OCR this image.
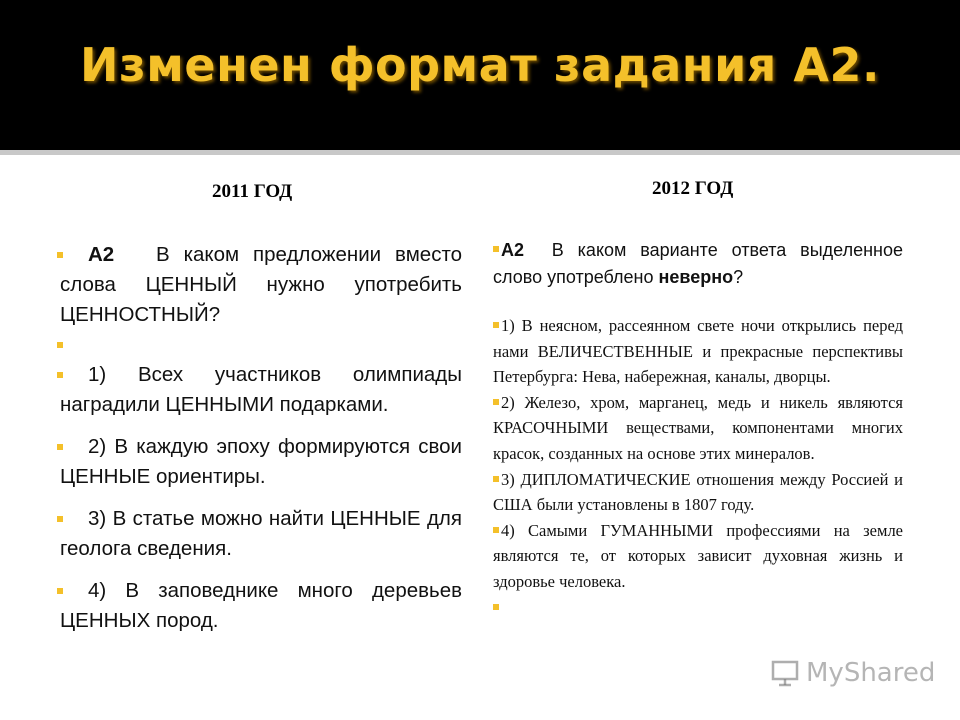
Изменен формат задания А2.
2011 ГОД	2012 ГОД
А2 В каком предложении вместо слова ЦЕННЫЙ нужно употребить ЦЕННОСТНЫЙ?
1) Всех участников олимпиады наградили ЦЕННЫМИ подарками.
2) В каждую эпоху формируются свои ЦЕННЫЕ ориентиры.
3) В статье можно найти ЦЕННЫЕ для геолога сведения.
4) В заповеднике много деревьев ЦЕННЫХ пород.
А2 В каком варианте ответа выделенное слово употреблено неверно?
1) В неясном, рассеянном свете ночи открылись перед нами ВЕЛИЧЕСТВЕННЫЕ и прекрасные перспективы Петербурга: Нева, набережная, каналы, дворцы.
2) Железо, хром, марганец, медь и никель являются КРАСОЧНЫМИ веществами, компонентами многих красок, созданных на основе этих минералов.
3) ДИПЛОМАТИЧЕСКИЕ отношения между Россией и США были установлены в 1807 году.
4) Самыми ГУМАННЫМИ профессиями на земле являются те, от которых зависит духовная жизнь и здоровье человека.
MyShared
